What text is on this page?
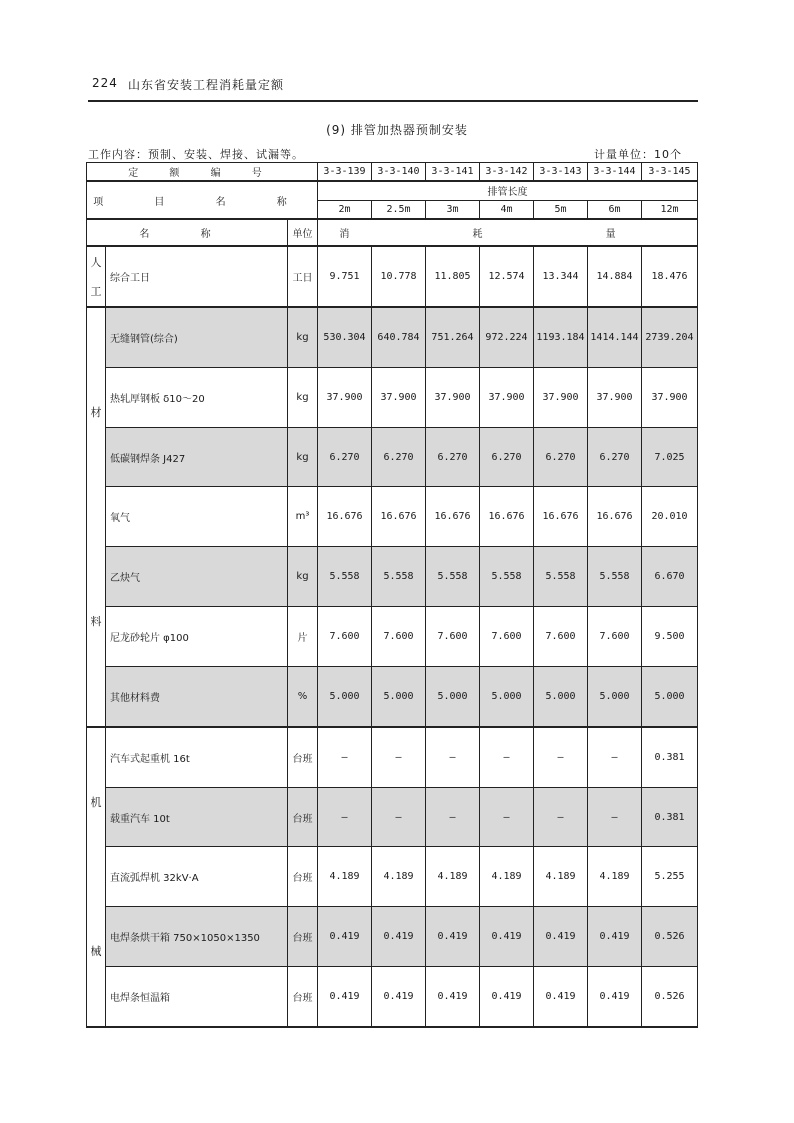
224 山东省安装工程消耗量定额
(9) 排管加热器预制安装
工作内容：预制、安装、焊接、试漏等。	计量单位：10个
定 额 编 号			3-3-139	3-3-140	3-3-141	3-3-142	3-3-143	3-3-144	3-3-145
项 目 名 称			排管长度						
			2m	2.5m	3m	4m	5m	6m	12m
名 称		单位	消 耗 量						

人
工	综合工日	工日	9.751	10.778	11.805	12.574	13.344	14.884	18.476

材
料	无缝钢管(综合)	kg	530.304	640.784	751.264	972.224	1193.184	1414.144	2739.204
	热轧厚钢板 δ10～20	kg	37.900	37.900	37.900	37.900	37.900	37.900	37.900
	低碳钢焊条 J427	kg	6.270	6.270	6.270	6.270	6.270	6.270	7.025
	氧气	m³	16.676	16.676	16.676	16.676	16.676	16.676	20.010
	乙炔气	kg	5.558	5.558	5.558	5.558	5.558	5.558	6.670
	尼龙砂轮片 φ100	片	7.600	7.600	7.600	7.600	7.600	7.600	9.500
	其他材料费	%	5.000	5.000	5.000	5.000	5.000	5.000	5.000

机
械	汽车式起重机 16t	台班	—	—	—	—	—	—	0.381
	载重汽车 10t	台班	—	—	—	—	—	—	0.381
	直流弧焊机 32kV·A	台班	4.189	4.189	4.189	4.189	4.189	4.189	5.255
	电焊条烘干箱 750×1050×1350	台班	0.419	0.419	0.419	0.419	0.419	0.419	0.526
	电焊条恒温箱	台班	0.419	0.419	0.419	0.419	0.419	0.419	0.526
